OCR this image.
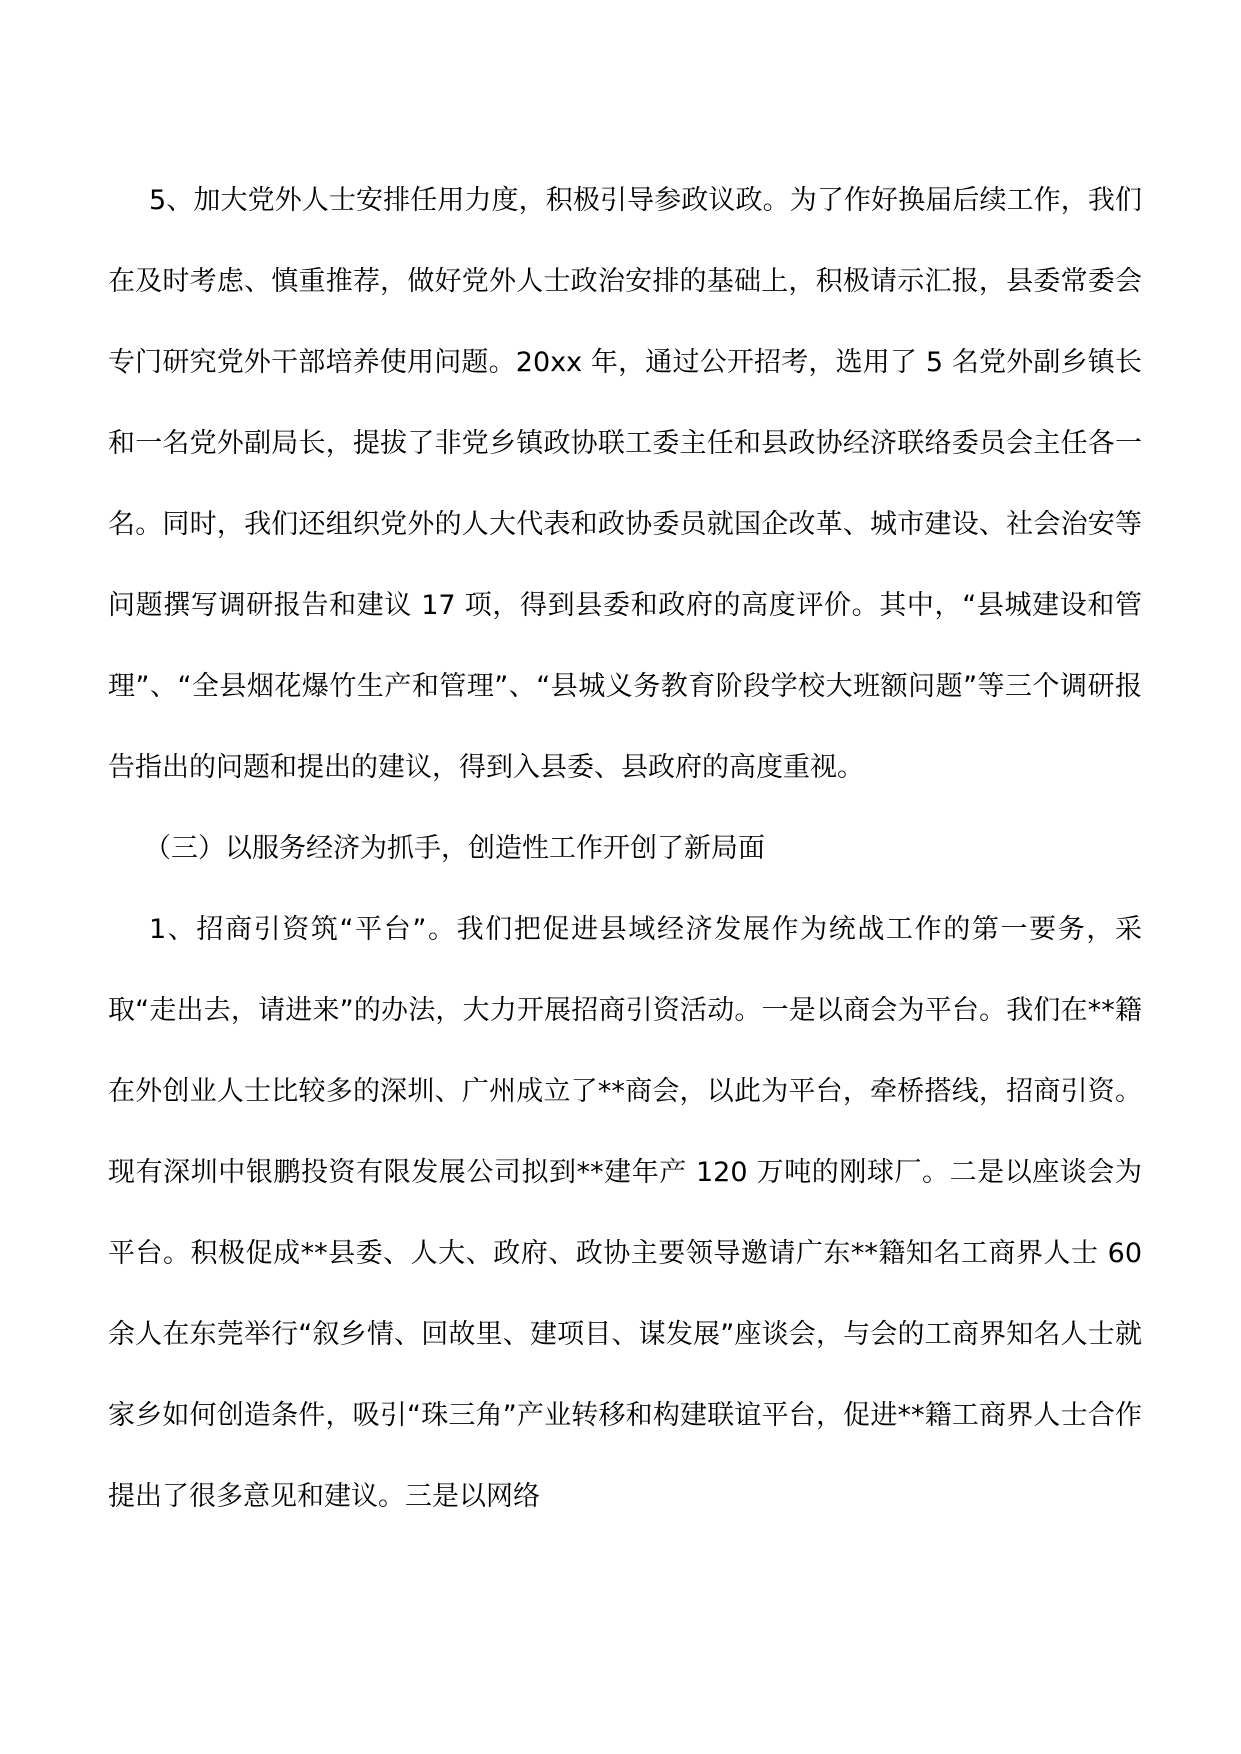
5、加大党外人士安排任用力度，积极引导参政议政。为了作好换届后续工作，我们在及时考虑、慎重推荐，做好党外人士政治安排的基础上，积极请示汇报，县委常委会专门研究党外干部培养使用问题。20xx 年，通过公开招考，选用了 5 名党外副乡镇长和一名党外副局长，提拔了非党乡镇政协联工委主任和县政协经济联络委员会主任各一名。同时，我们还组织党外的人大代表和政协委员就国企改革、城市建设、社会治安等问题撰写调研报告和建议 17 项，得到县委和政府的高度评价。其中，“县城建设和管理”、“全县烟花爆竹生产和管理”、“县城义务教育阶段学校大班额问题”等三个调研报告指出的问题和提出的建议，得到入县委、县政府的高度重视。

（三）以服务经济为抓手，创造性工作开创了新局面

1、招商引资筑“平台”。我们把促进县域经济发展作为统战工作的第一要务，采取“走出去，请进来”的办法，大力开展招商引资活动。一是以商会为平台。我们在**籍在外创业人士比较多的深圳、广州成立了**商会，以此为平台，牵桥搭线，招商引资。现有深圳中银鹏投资有限发展公司拟到**建年产 120 万吨的刚球厂。二是以座谈会为平台。积极促成**县委、人大、政府、政协主要领导邀请广东**籍知名工商界人士 60 余人在东莞举行“叙乡情、回故里、建项目、谋发展”座谈会，与会的工商界知名人士就家乡如何创造条件，吸引“珠三角”产业转移和构建联谊平台，促进**籍工商界人士合作提出了很多意见和建议。三是以网络
